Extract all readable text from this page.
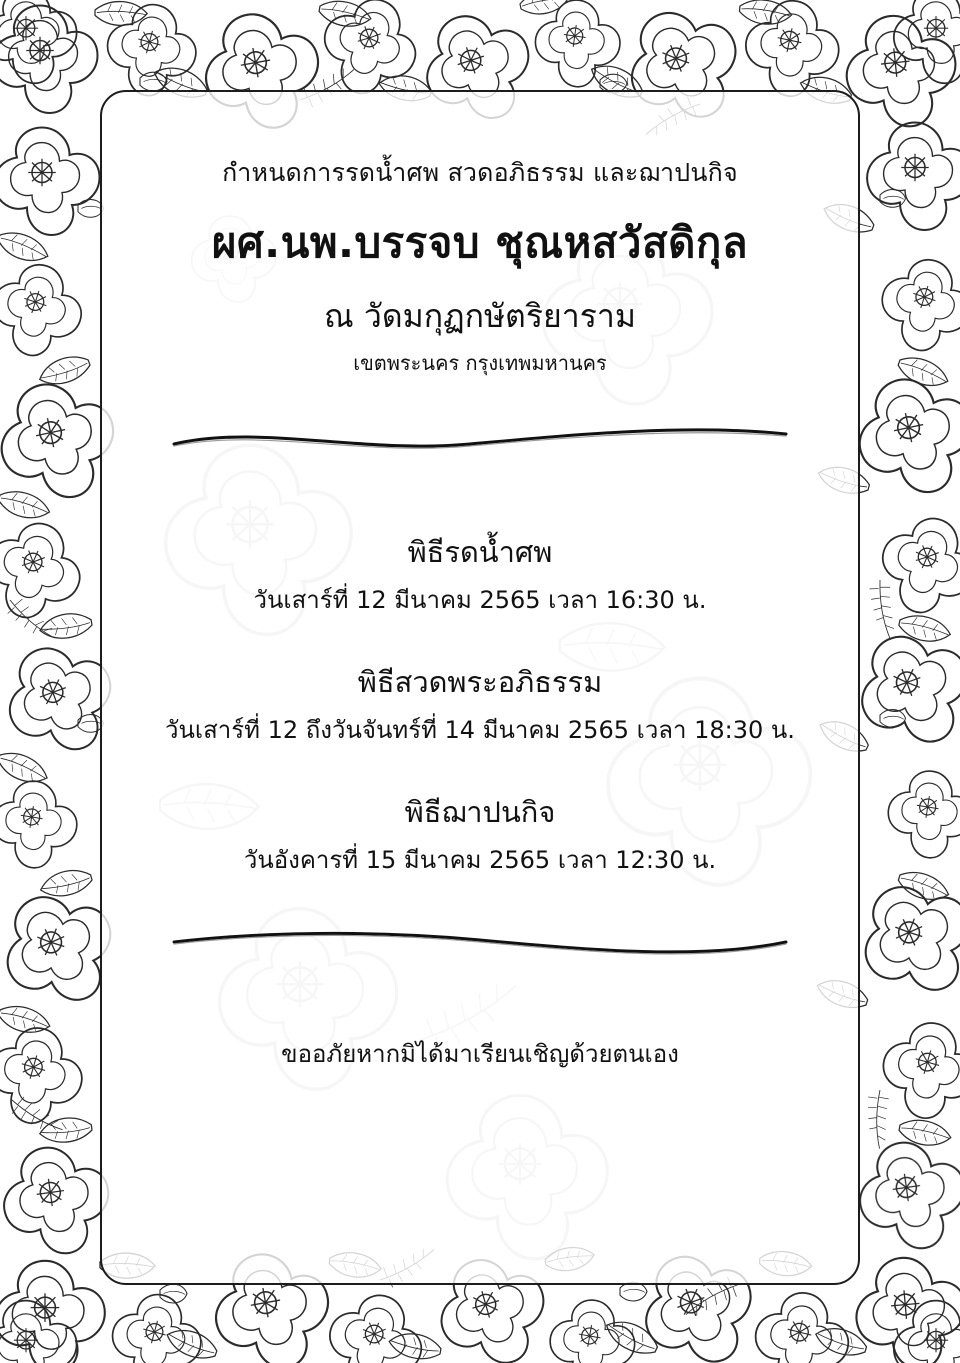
กำหนดการรดน้ำศพ สวดอภิธรรม และฌาปนกิจ
ผศ.นพ.บรรจบ ชุณหสวัสดิกุล
ณ วัดมกุฏกษัตริยาราม
เขตพระนคร กรุงเทพมหานคร
พิธีรดน้ำศพ
วันเสาร์ที่ 12 มีนาคม 2565 เวลา 16:30 น.
พิธีสวดพระอภิธรรม
วันเสาร์ที่ 12 ถึงวันจันทร์ที่ 14 มีนาคม 2565 เวลา 18:30 น.
พิธีฌาปนกิจ
วันอังคารที่ 15 มีนาคม 2565 เวลา 12:30 น.
ขออภัยหากมิได้มาเรียนเชิญด้วยตนเอง
